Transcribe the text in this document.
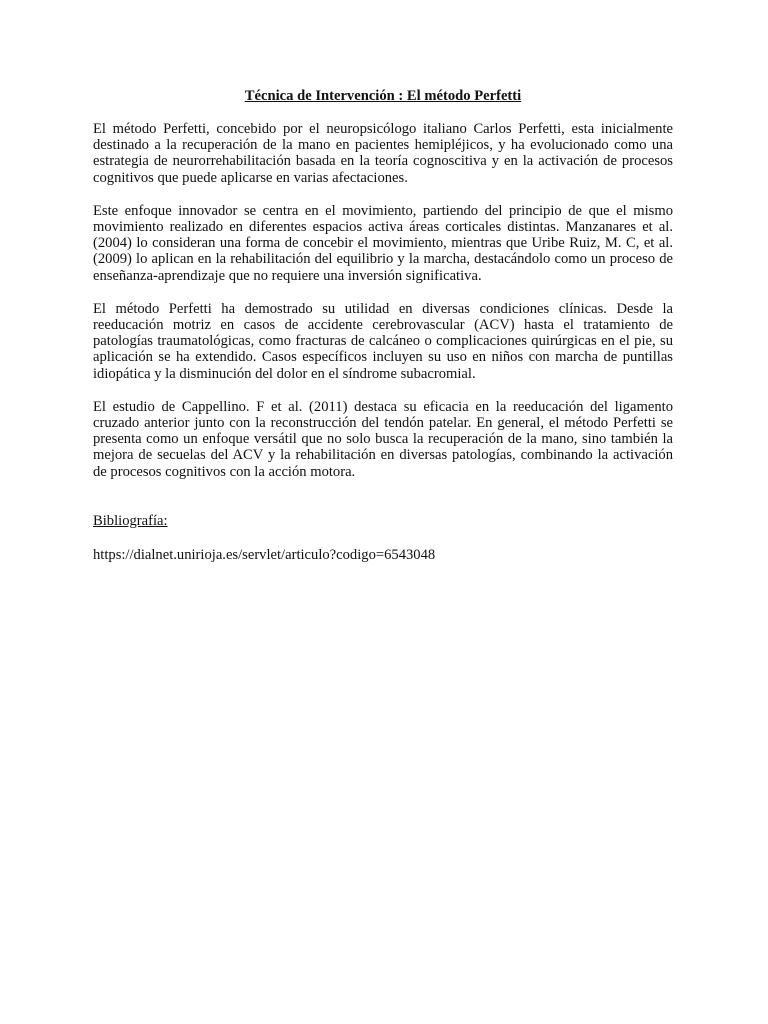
Técnica de Intervención : El método Perfetti

El método Perfetti, concebido por el neuropsicólogo italiano Carlos Perfetti, esta inicialmente destinado a la recuperación de la mano en pacientes hemipléjicos, y ha evolucionado como una estrategia de neurorrehabilitación basada en la teoría cognoscitiva y en la activación de procesos cognitivos que puede aplicarse en varias afectaciones.

Este enfoque innovador se centra en el movimiento, partiendo del principio de que el mismo movimiento realizado en diferentes espacios activa áreas corticales distintas. Manzanares et al. (2004) lo consideran una forma de concebir el movimiento, mientras que Uribe Ruiz, M. C, et al. (2009) lo aplican en la rehabilitación del equilibrio y la marcha, destacándolo como un proceso de enseñanza-aprendizaje que no requiere una inversión significativa.

El método Perfetti ha demostrado su utilidad en diversas condiciones clínicas. Desde la reeducación motriz en casos de accidente cerebrovascular (ACV) hasta el tratamiento de patologías traumatológicas, como fracturas de calcáneo o complicaciones quirúrgicas en el pie, su aplicación se ha extendido. Casos específicos incluyen su uso en niños con marcha de puntillas idiopática y la disminución del dolor en el síndrome subacromial.

El estudio de Cappellino. F et al. (2011) destaca su eficacia en la reeducación del ligamento cruzado anterior junto con la reconstrucción del tendón patelar. En general, el método Perfetti se presenta como un enfoque versátil que no solo busca la recuperación de la mano, sino también la mejora de secuelas del ACV y la rehabilitación en diversas patologías, combinando la activación de procesos cognitivos con la acción motora.

Bibliografía:

https://dialnet.unirioja.es/servlet/articulo?codigo=6543048
